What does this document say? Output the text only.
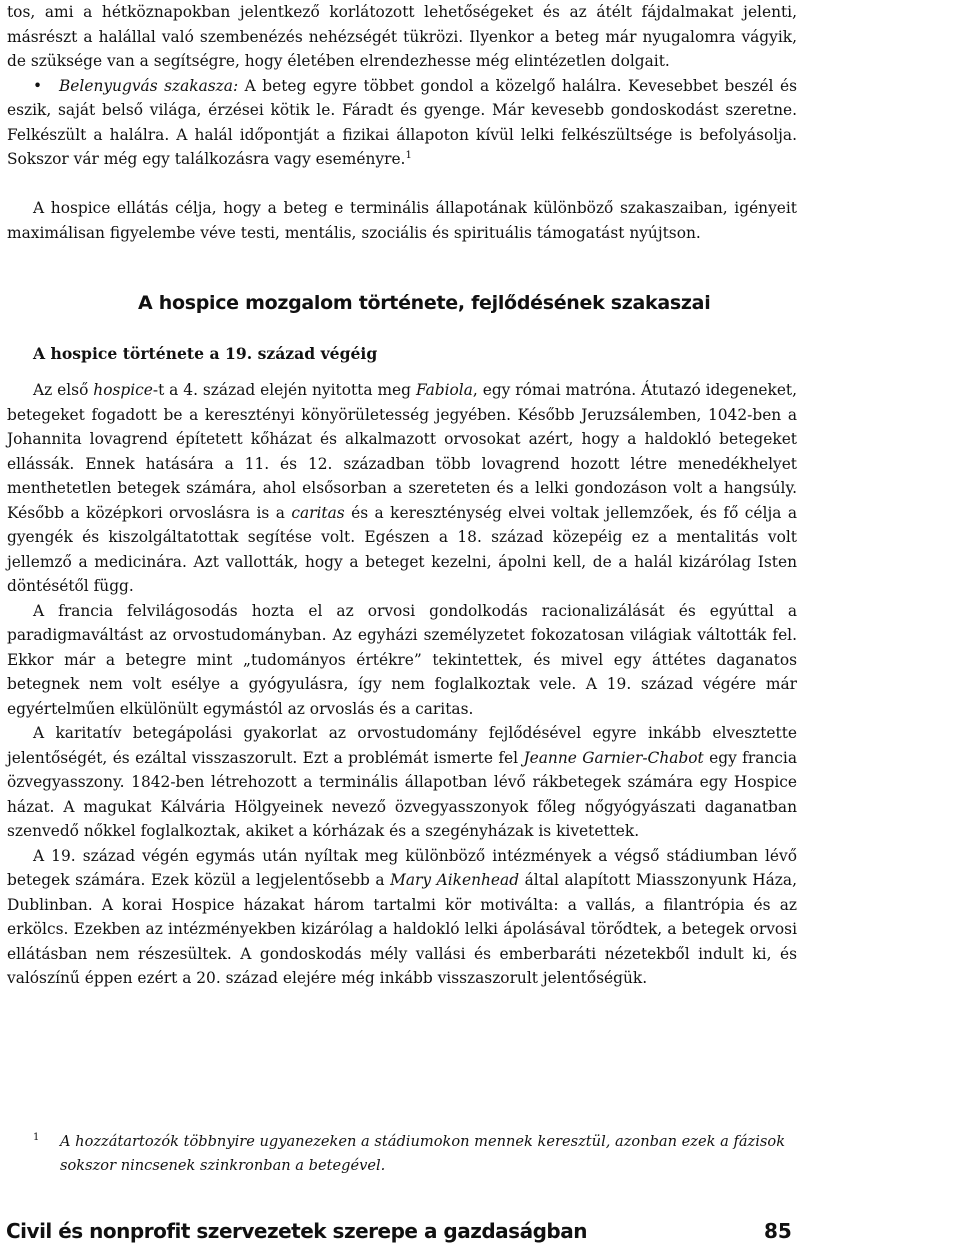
tos, ami a hétköznapokban jelentkező korlátozott lehetőségeket és az átélt fájdalmakat jelenti, másrészt a halállal való szembenézés nehézségét tükrözi. Ilyenkor a beteg már nyugalomra vágyik, de szüksége van a segítségre, hogy életében elrendezhesse még elintézetlen dolgait.

• Belenyugvás szakasza: A beteg egyre többet gondol a közelgő halálra. Kevesebbet beszél és eszik, saját belső világa, érzései kötik le. Fáradt és gyenge. Már kevesebb gondoskodást szeretne. Felkészült a halálra. A halál időpontját a fizikai állapoton kívül lelki felkészültsége is befolyásolja. Sokszor vár még egy találkozásra vagy eseményre.$^1$

A hospice ellátás célja, hogy a beteg e terminális állapotának különböző szakaszaiban, igényeit maximálisan figyelembe véve testi, mentális, szociális és spirituális támogatást nyújtson.

A hospice mozgalom története, fejlődésének szakaszai
A hospice története a 19. század végéig

Az első hospice-t a 4. század elején nyitotta meg Fabiola, egy római matróna. Átutazó idegeneket, betegeket fogadott be a keresztényi könyörületesség jegyében. Később Jeruzsálemben, 1042-ben a Johannita lovagrend építetett kőházat és alkalmazott orvosokat azért, hogy a haldokló betegeket ellássák. Ennek hatására a 11. és 12. században több lovagrend hozott létre menedékhelyet menthetetlen betegek számára, ahol elsősorban a szereteten és a lelki gondozáson volt a hangsúly. Később a középkori orvoslásra is a caritas és a kereszténység elvei voltak jellemzőek, és fő célja a gyengék és kiszolgáltatottak segítése volt. Egészen a 18. század közepéig ez a mentalitás volt jellemző a medicinára. Azt vallották, hogy a beteget kezelni, ápolni kell, de a halál kizárólag Isten döntésétől függ.

A francia felvilágosodás hozta el az orvosi gondolkodás racionalizálását és egyúttal a paradigmaváltást az orvostudományban. Az egyházi személyzetet fokozatosan világiak váltották fel. Ekkor már a betegre mint „tudományos értékre” tekintettek, és mivel egy áttétes daganatos betegnek nem volt esélye a gyógyulásra, így nem foglalkoztak vele. A 19. század végére már egyértelműen elkülönült egymástól az orvoslás és a caritas.

A karitatív betegápolási gyakorlat az orvostudomány fejlődésével egyre inkább elvesztette jelentőségét, és ezáltal visszaszorult. Ezt a problémát ismerte fel Jeanne Garnier-Chabot egy francia özvegyasszony. 1842-ben létrehozott a terminális állapotban lévő rákbetegek számára egy Hospice házat. A magukat Kálvária Hölgyeinek nevező özvegyasszonyok főleg nőgyógyászati daganatban szenvedő nőkkel foglalkoztak, akiket a kórházak és a szegényházak is kivetettek.

A 19. század végén egymás után nyíltak meg különböző intézmények a végső stádiumban lévő betegek számára. Ezek közül a legjelentősebb a Mary Aikenhead által alapított Miasszonyunk Háza, Dublinban. A korai Hospice házakat három tartalmi kör motiválta: a vallás, a filantrópia és az erkölcs. Ezekben az intézményekben kizárólag a haldokló lelki ápolásával törődtek, a betegek orvosi ellátásban nem részesültek. A gondoskodás mély vallási és emberbaráti nézetekből indult ki, és valószínű éppen ezért a 20. század elejére még inkább visszaszorult jelentőségük.

1 A hozzátartozók többnyire ugyanezeken a stádiumokon mennek keresztül, azonban ezek a fázisok sokszor nincsenek szinkronban a betegével.
Civil és nonprofit szervezetek szerepe a gazdaságban	85
